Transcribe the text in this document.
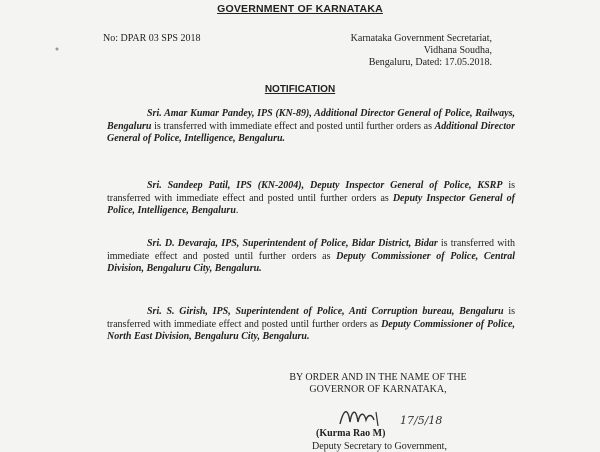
GOVERNMENT OF KARNATAKA
No: DPAR 03 SPS 2018	Karnataka Government Secretariat,
Vidhana Soudha,
Bengaluru, Dated: 17.05.2018.
NOTIFICATION
Sri. Amar Kumar Pandey, IPS (KN-89), Additional Director General of Police, Railways, Bengaluru is transferred with immediate effect and posted until further orders as Additional Director General of Police, Intelligence, Bengaluru.
Sri. Sandeep Patil, IPS (KN-2004), Deputy Inspector General of Police, KSRP is transferred with immediate effect and posted until further orders as Deputy Inspector General of Police, Intelligence, Bengaluru.
Sri. D. Devaraja, IPS, Superintendent of Police, Bidar District, Bidar is transferred with immediate effect and posted until further orders as Deputy Commissioner of Police, Central Division, Bengaluru City, Bengaluru.
Sri. S. Girish, IPS, Superintendent of Police, Anti Corruption bureau, Bengaluru is transferred with immediate effect and posted until further orders as Deputy Commissioner of Police, North East Division, Bengaluru City, Bengaluru.
BY ORDER AND IN THE NAME OF THE
GOVERNOR OF KARNATAKA,
17/5/18
(Kurma Rao M)
Deputy Secretary to Government,
